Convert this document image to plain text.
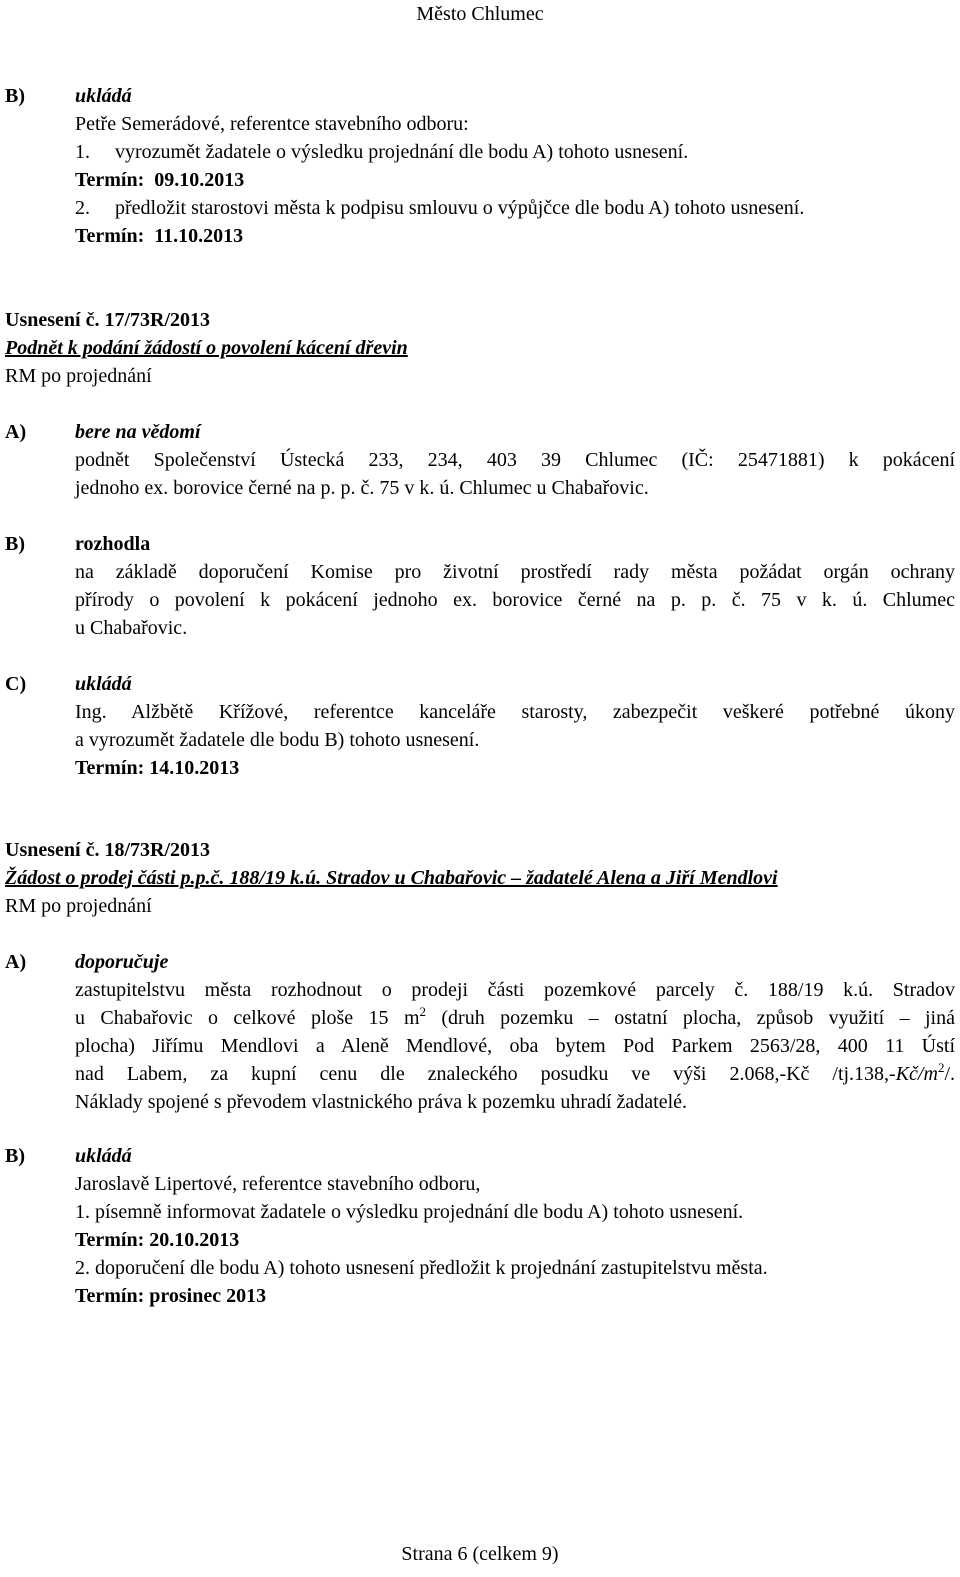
Město Chlumec
B)	ukládá
Petře Semerádové, referentce stavebního odboru:
1. vyrozumět žadatele o výsledku projednání dle bodu A) tohoto usnesení.
Termín: 09.10.2013
2. předložit starostovi města k podpisu smlouvu o výpůjčce dle bodu A) tohoto usnesení.
Termín: 11.10.2013
Usnesení č. 17/73R/2013
Podnět k podání žádostí o povolení kácení dřevin
RM po projednání
A) bere na vědomí
podnět Společenství Ústecká 233, 234, 403 39 Chlumec (IČ: 25471881) k pokácení
jednoho ex. borovice černé na p. p. č. 75 v k. ú. Chlumec u Chabařovic.
B)	rozhodla
na základě doporučení Komise pro životní prostředí rady města požádat orgán ochrany
přírody o povolení k pokácení jednoho ex. borovice černé na p. p. č. 75 v k. ú. Chlumec
u Chabařovic.
C) ukládá
Ing. Alžbětě Křížové, referentce kanceláře starosty, zabezpečit veškeré potřebné úkony
a vyrozumět žadatele dle bodu B) tohoto usnesení.
Termín: 14.10.2013
Usnesení č. 18/73R/2013
Žádost o prodej části p.p.č. 188/19 k.ú. Stradov u Chabařovic – žadatelé Alena a Jiří Mendlovi
RM po projednání
A) doporučuje
zastupitelstvu města rozhodnout o prodeji části pozemkové parcely č. 188/19 k.ú. Stradov
u Chabařovic o celkové ploše 15 $m^2$ (druh pozemku – ostatní plocha, způsob využití – jiná
plocha) Jiřímu Mendlovi a Aleně Mendlové, oba bytem Pod Parkem 2563/28, 400 11 Ústí
nad Labem, za kupní cenu dle znaleckého posudku ve výši 2.068,-Kč $/tj.138,-Kč/m^2/$.
Náklady spojené s převodem vlastnického práva k pozemku uhradí žadatelé.
B)	ukládá
Jaroslavě Lipertové, referentce stavebního odboru,
1. písemně informovat žadatele o výsledku projednání dle bodu A) tohoto usnesení.
Termín: 20.10.2013
2. doporučení dle bodu A) tohoto usnesení předložit k projednání zastupitelstvu města.
Termín: prosinec 2013
Strana 6 (celkem 9)
